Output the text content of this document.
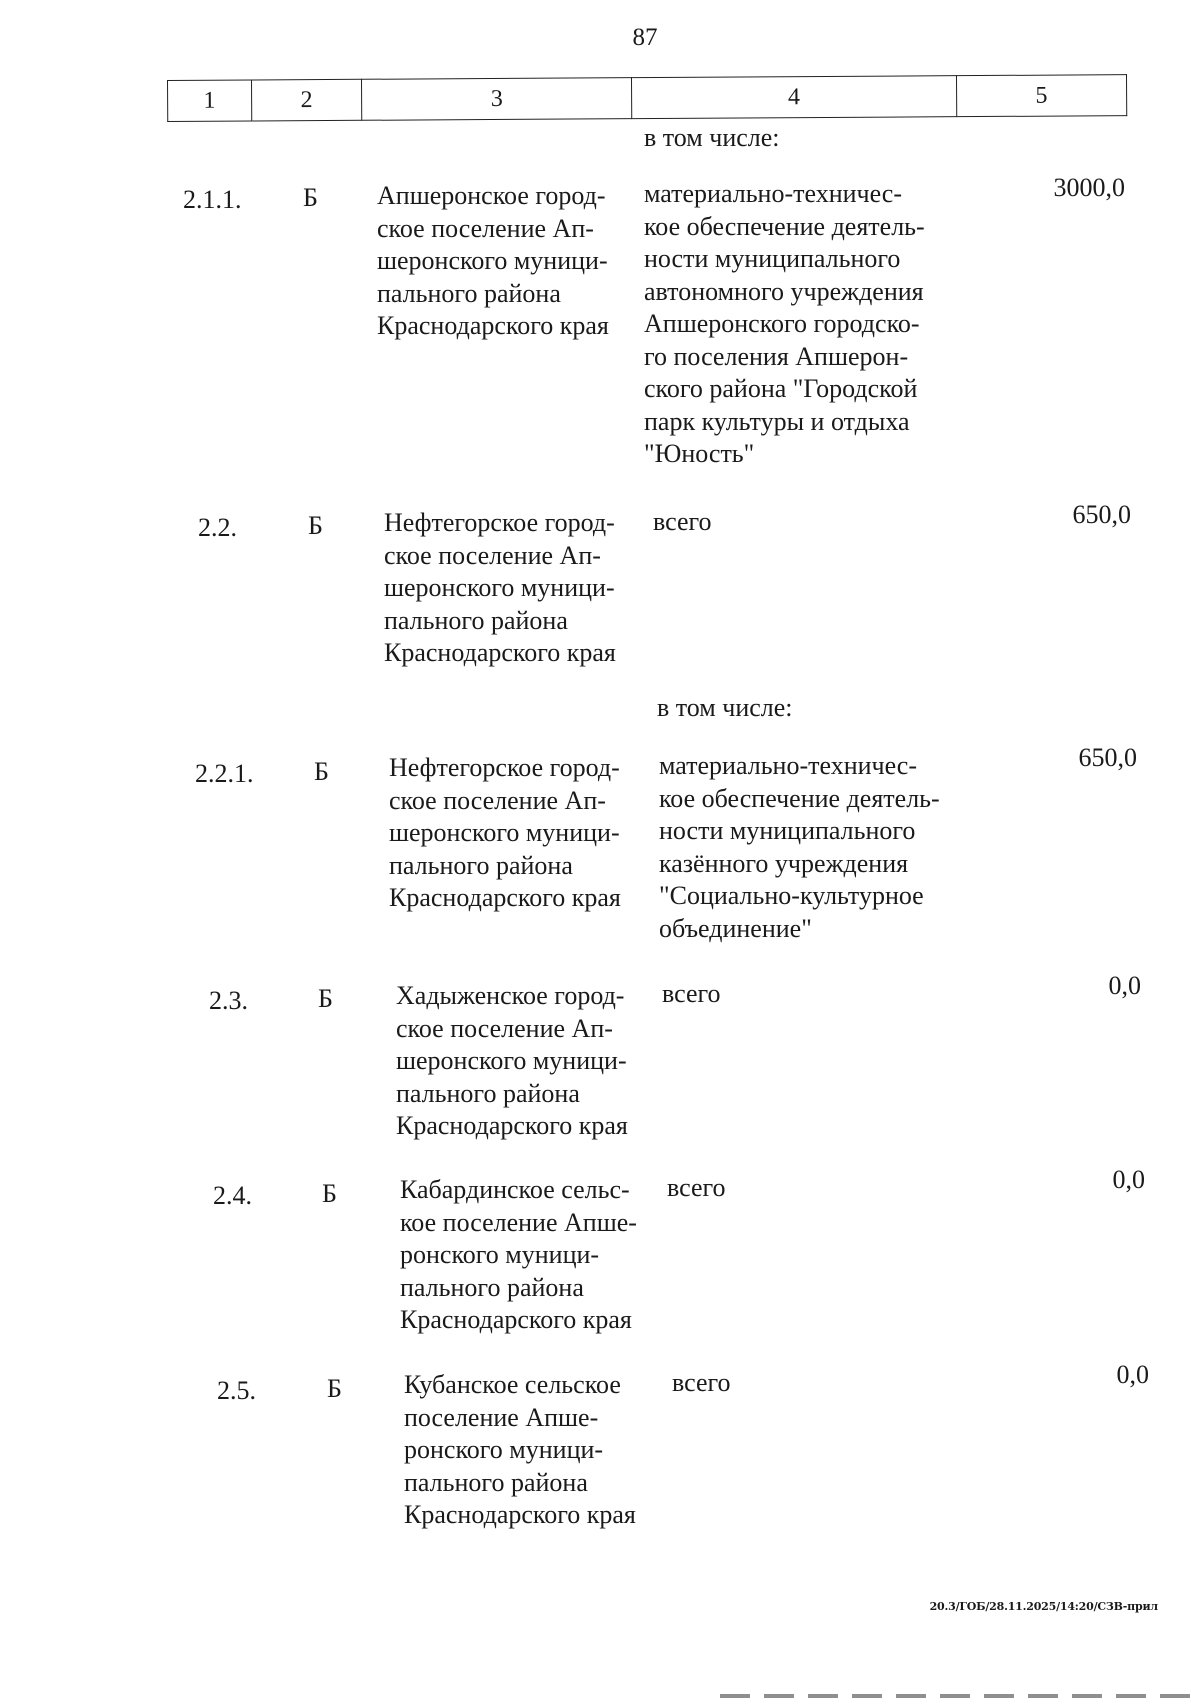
87
1	2	3	4	5
в том числе:
2.1.1. Б Апшеронское город-
ское поселение Ап-
шеронского муници-
пального района
Краснодарского края
материально-техничес-
кое обеспечение деятель-
ности муниципального
автономного учреждения
Апшеронского городско-
го поселения Апшерон-
ского района "Городской
парк культуры и отдыха
"Юность"
3000,0
2.2.	Б Нефтегорское город-
ское поселение Ап-
шеронского муници-
пального района
Краснодарского края
всего	650,0
в том числе:
2.2.1. Б Нефтегорское город-
ское поселение Ап-
шеронского муници-
пального района
Краснодарского края
материально-техничес-
кое обеспечение деятель-
ности муниципального
казённого учреждения
"Социально-культурное
объединение"
650,0
2.3.	Б Хадыженское город-
ское поселение Ап-
шеронского муници-
пального района
Краснодарского края
всего	0,0
2.4.	Б Кабардинское сельс-
кое поселение Апше-
ронского муници-
пального района
Краснодарского края
всего	0,0
2.5.	Б Кубанское сельское
поселение Апше-
ронского муници-
пального района
Краснодарского края
всего	0,0
20.3/ГОБ/28.11.2025/14:20/СЗВ-прил
